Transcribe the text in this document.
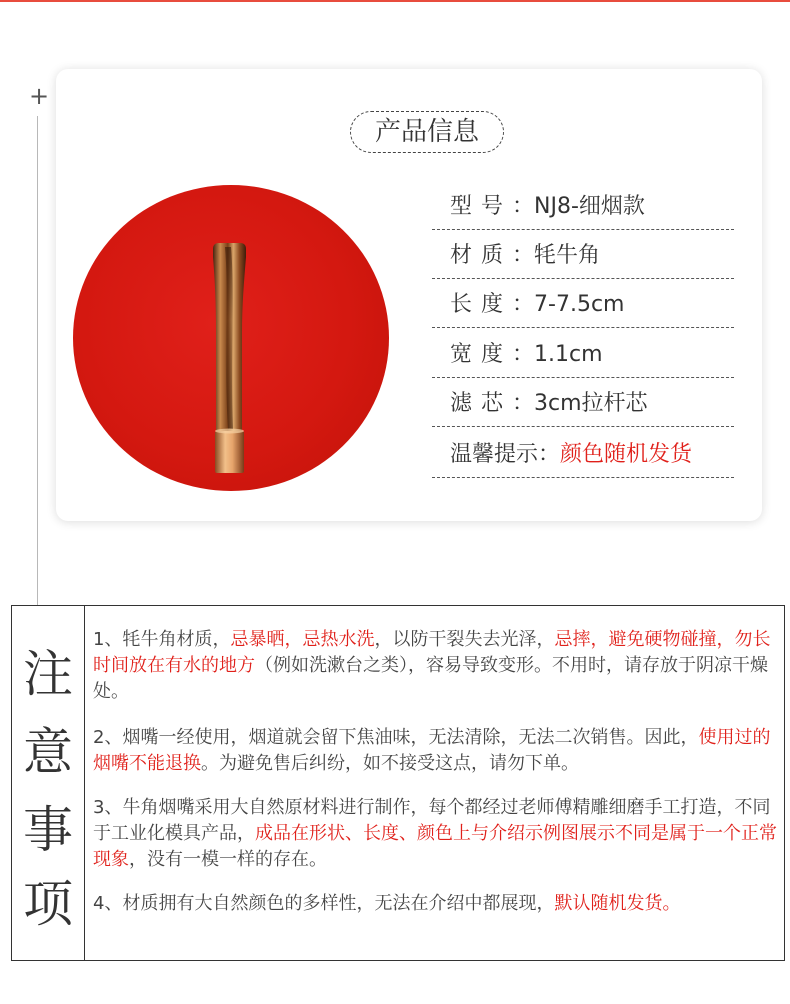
+
产品信息
型号：NJ8-细烟款
材质：牦牛角
长度：7-7.5cm
宽度：1.1cm
滤芯：3cm拉杆芯
温馨提示：颜色随机发货
注
意
事
项
1、牦牛角材质，忌暴晒，忌热水洗，以防干裂失去光泽，忌摔，避免硬物碰撞，勿长时间放在有水的地方（例如洗漱台之类），容易导致变形。不用时，请存放于阴凉干燥处。
2、烟嘴一经使用，烟道就会留下焦油味，无法清除，无法二次销售。因此，使用过的烟嘴不能退换。为避免售后纠纷，如不接受这点，请勿下单。
3、牛角烟嘴采用大自然原材料进行制作，每个都经过老师傅精雕细磨手工打造，不同于工业化模具产品，成品在形状、长度、颜色上与介绍示例图展示不同是属于一个正常现象，没有一模一样的存在。
4、材质拥有大自然颜色的多样性，无法在介绍中都展现，默认随机发货。
